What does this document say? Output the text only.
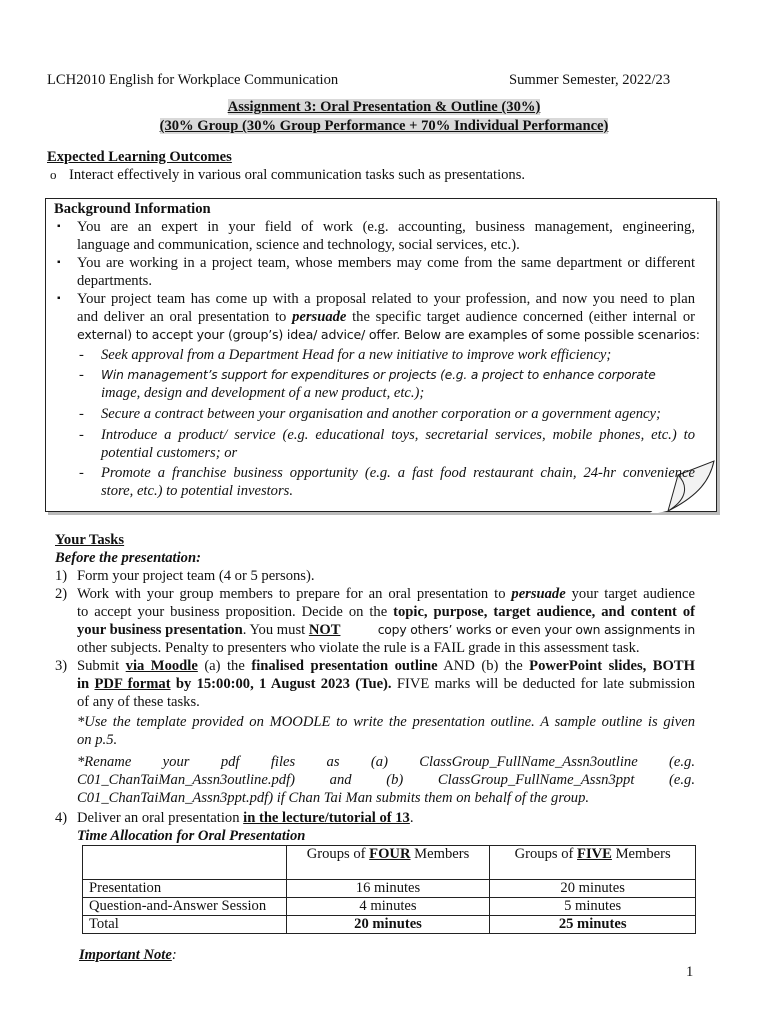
LCH2010 English for Workplace Communication	Summer Semester, 2022/23
Assignment 3: Oral Presentation & Outline (30%)
(30% Group (30% Group Performance + 70% Individual Performance)
Expected Learning Outcomes
o Interact effectively in various oral communication tasks such as presentations.
Background Information
▪ You are an expert in your field of work (e.g. accounting, business management, engineering,
language and communication, science and technology, social services, etc.).
▪ You are working in a project team, whose members may come from the same department or different
departments.
▪ Your project team has come up with a proposal related to your profession, and now you need to plan
and deliver an oral presentation to persuade the specific target audience concerned (either internal or
external) to accept your (group’s) idea/ advice/ offer. Below are examples of some possible scenarios:
- Seek approval from a Department Head for a new initiative to improve work efficiency;
- Win management’s support for expenditures or projects (e.g. a project to enhance corporate
image, design and development of a new product, etc.);
- Secure a contract between your organisation and another corporation or a government agency;
- Introduce a product/ service (e.g. educational toys, secretarial services, mobile phones, etc.) to
potential customers; or
- Promote a franchise business opportunity (e.g. a fast food restaurant chain, 24-hr convenience
store, etc.) to potential investors.
Your Tasks
Before the presentation:
1) Form your project team (4 or 5 persons).
2) Work with your group members to prepare for an oral presentation to persuade your target audience
to accept your business proposition. Decide on the topic, purpose, target audience, and content of
your business presentation. You must NOT	copy others’ works or even your own assignments in
other subjects. Penalty to presenters who violate the rule is a FAIL grade in this assessment task.
3) Submit via Moodle (a) the finalised presentation outline AND (b) the PowerPoint slides, BOTH
in PDF format by 15:00:00, 1 August 2023 (Tue). FIVE marks will be deducted for late submission
of any of these tasks.
*Use the template provided on MOODLE to write the presentation outline. A sample outline is given
on p.5.
*Rename your pdf files as (a) ClassGroup_FullName_Assn3outline (e.g.
C01_ChanTaiMan_Assn3outline.pdf) and (b) ClassGroup_FullName_Assn3ppt (e.g.
C01_ChanTaiMan_Assn3ppt.pdf) if Chan Tai Man submits them on behalf of the group.
4) Deliver an oral presentation in the lecture/tutorial of 13.
Time Allocation for Oral Presentation
	Groups of FOUR Members	Groups of FIVE Members
Presentation	16 minutes	20 minutes
Question-and-Answer Session	4 minutes	5 minutes
Total	20 minutes	25 minutes
Important Note:
1
